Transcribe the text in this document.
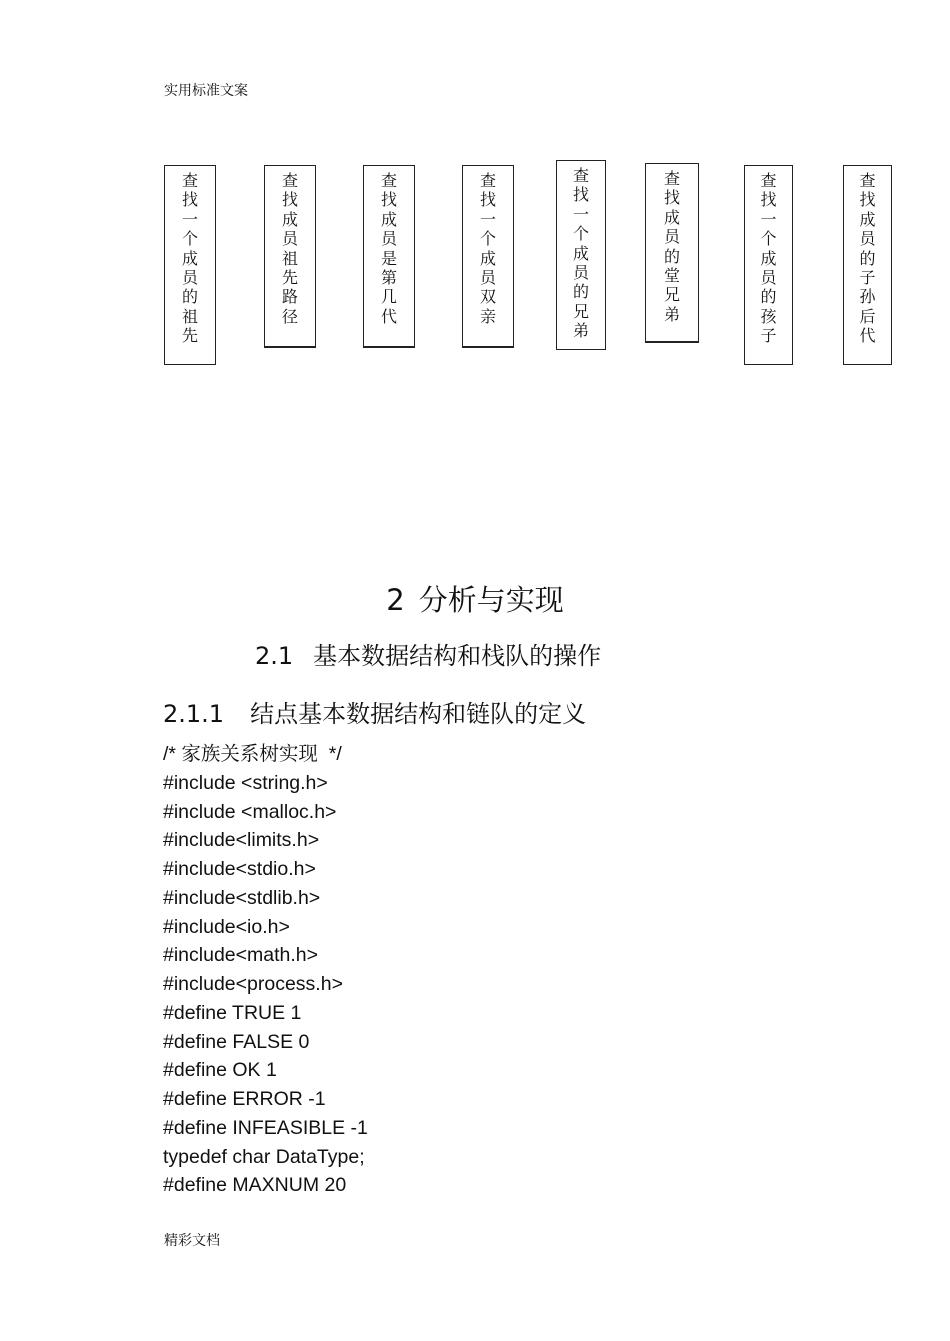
实用标准文案
查
找
一
个
成
员
的
祖
先
查
找
成
员
祖
先
路
径
查
找
成
员
是
第
几
代
查
找
一
个
成
员
双
亲
查
找
一
个
成
员
的
兄
弟
查
找
成
员
的
堂
兄
弟
查
找
一
个
成
员
的
孩
子
查
找
成
员
的
子
孙
后
代
2 分析与实现
2.1 基本数据结构和栈队的操作
2.1.1 结点基本数据结构和链队的定义
/* 家族关系树实现  */
#include <string.h>
#include <malloc.h>
#include<limits.h>
#include<stdio.h>
#include<stdlib.h>
#include<io.h>
#include<math.h>
#include<process.h>
#define TRUE 1
#define FALSE 0
#define OK 1
#define ERROR -1
#define INFEASIBLE -1
typedef char DataType;
#define MAXNUM 20
精彩文档
